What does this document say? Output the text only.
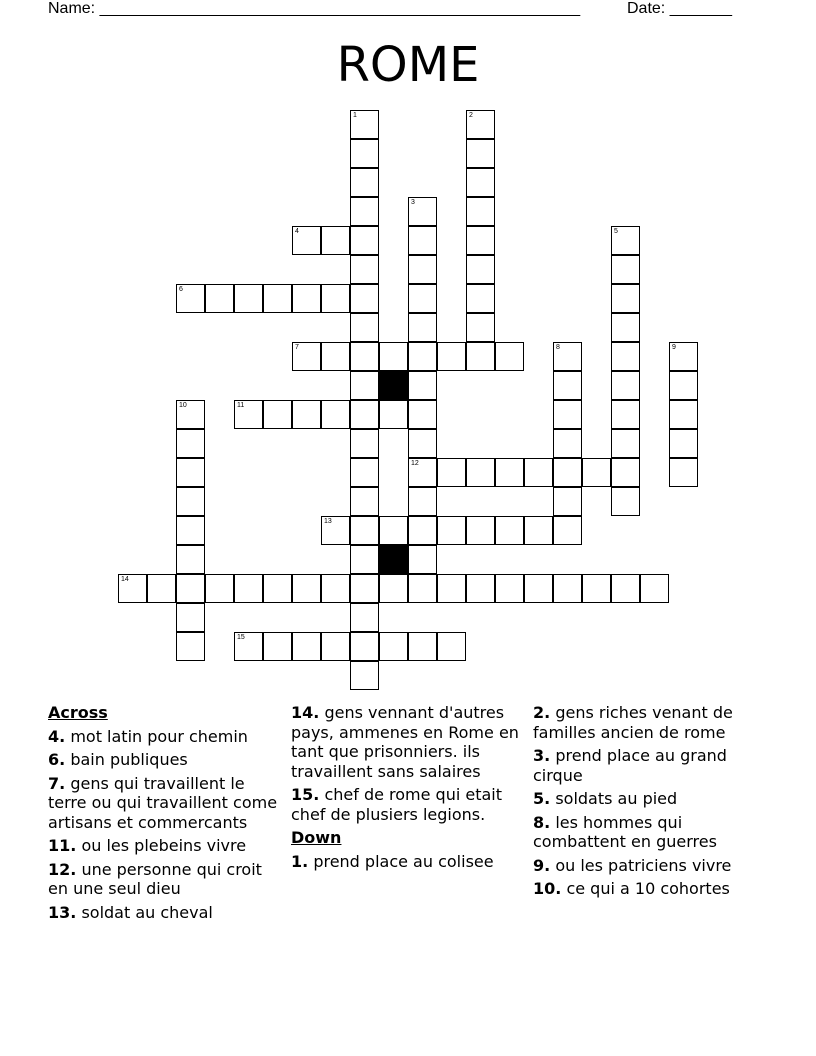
Name: ______________________________________________________	Date: _______
ROME
1	2
3
12
4	5
6
7	8	9
10	11
13
14
15
Across
4. mot latin pour chemin
6. bain publiques
7. gens qui travaillent le terre ou qui travaillent come artisans et commercants
11. ou les plebeins vivre
12. une personne qui croit en une seul dieu
13. soldat au cheval
14. gens vennant d'autres pays, ammenes en Rome en tant que prisonniers. ils travaillent sans salaires
15. chef de rome qui etait chef de plusiers legions.
Down
1. prend place au colisee
2. gens riches venant de familles ancien de rome
3. prend place au grand cirque
5. soldats au pied
8. les hommes qui combattent en guerres
9. ou les patriciens vivre
10. ce qui a 10 cohortes
